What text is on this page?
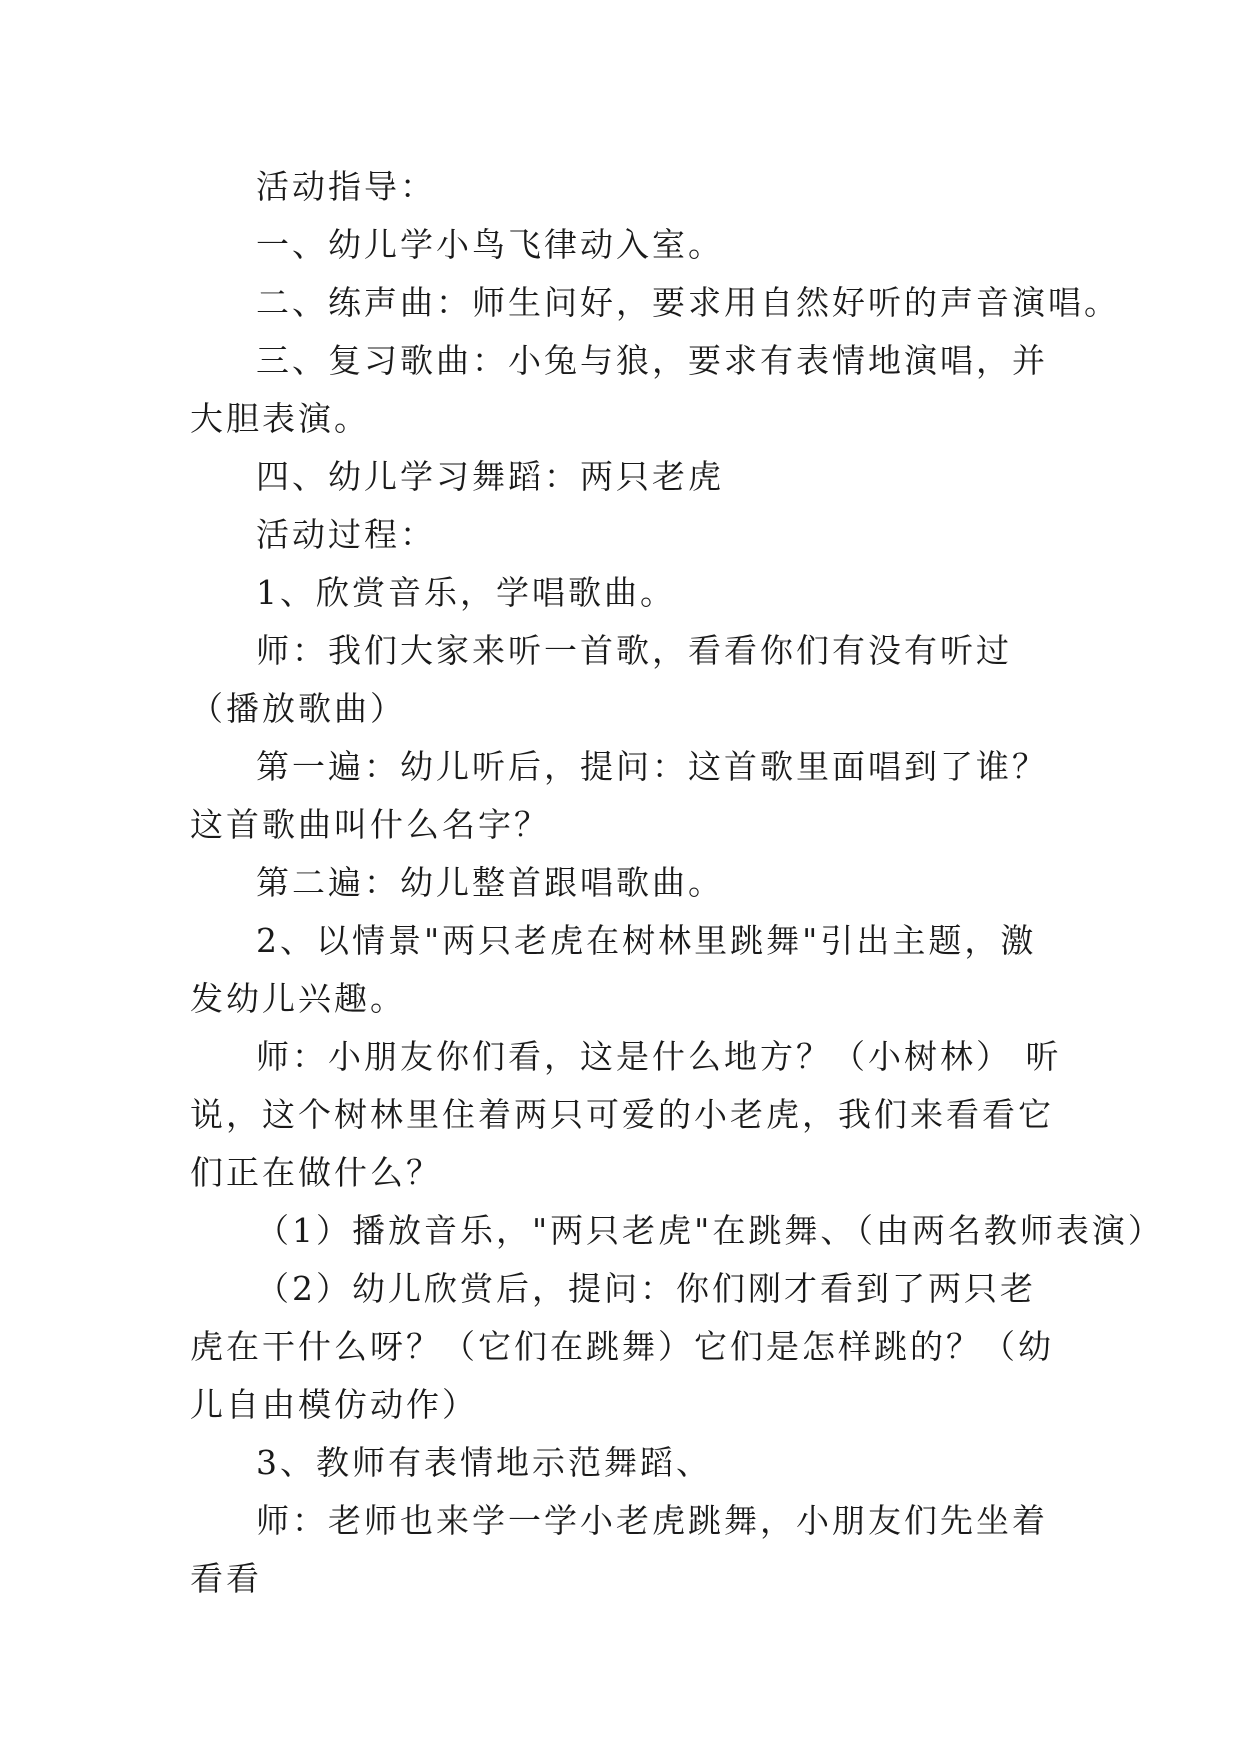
活动指导：

一、幼儿学小鸟飞律动入室。

二、练声曲：师生问好，要求用自然好听的声音演唱。

三、复习歌曲：小兔与狼，要求有表情地演唱，并大胆表演。

四、幼儿学习舞蹈：两只老虎

活动过程：

1、欣赏音乐，学唱歌曲。

师：我们大家来听一首歌，看看你们有没有听过（播放歌曲）

第一遍：幼儿听后，提问：这首歌里面唱到了谁？这首歌曲叫什么名字？

第二遍：幼儿整首跟唱歌曲。

2、以情景"两只老虎在树林里跳舞"引出主题，激发幼儿兴趣。

师：小朋友你们看，这是什么地方？（小树林） 听说，这个树林里住着两只可爱的小老虎，我们来看看它们正在做什么？

（1）播放音乐，"两只老虎"在跳舞、（由两名教师表演）

（2）幼儿欣赏后，提问：你们刚才看到了两只老虎在干什么呀？（它们在跳舞）它们是怎样跳的？（幼儿自由模仿动作）

3、教师有表情地示范舞蹈、

师：老师也来学一学小老虎跳舞，小朋友们先坐着看看
